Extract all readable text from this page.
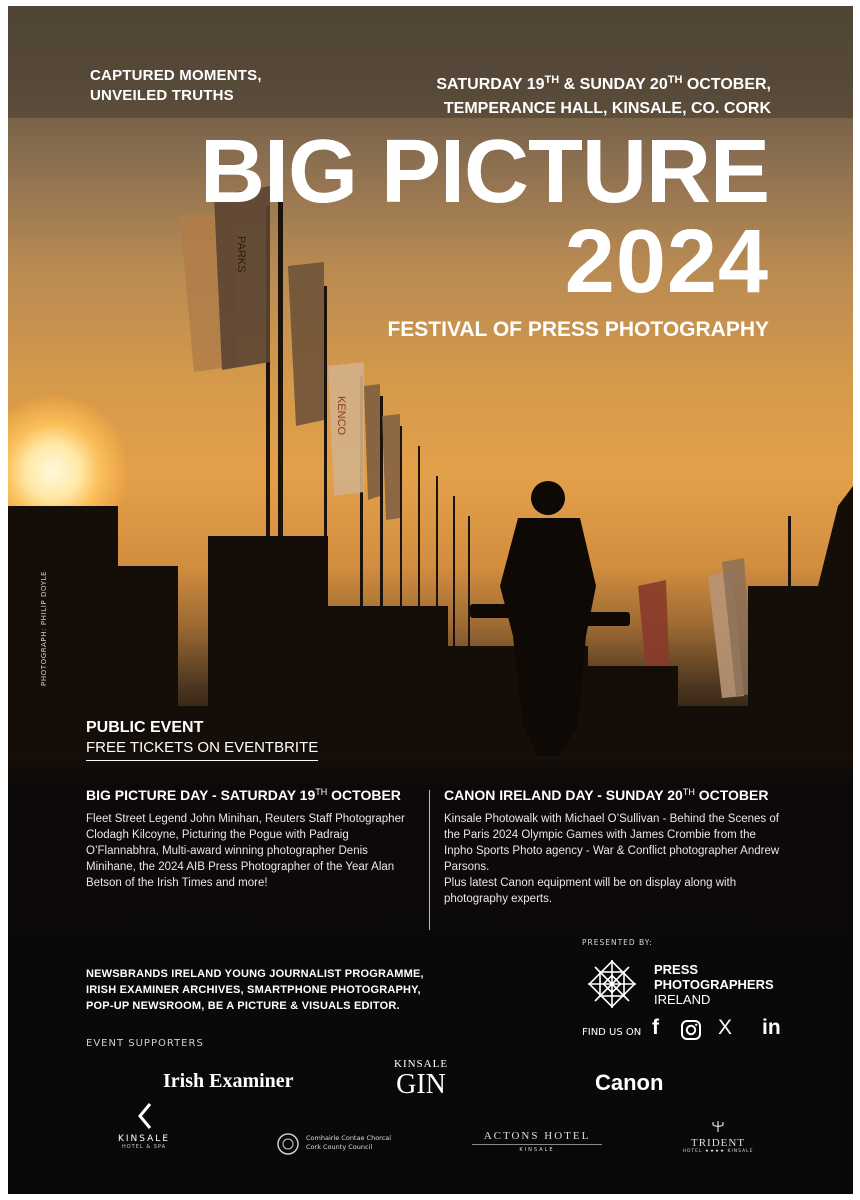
PARKS
KENCO
CAPTURED MOMENTS,
UNVEILED TRUTHS
SATURDAY 19TH & SUNDAY 20TH OCTOBER,
TEMPERANCE HALL, KINSALE, CO. CORK
BIG PICTURE
2024
FESTIVAL OF PRESS PHOTOGRAPHY
PHOTOGRAPH: PHILIP DOYLE
PUBLIC EVENT
FREE TICKETS ON EVENTBRITE
BIG PICTURE DAY - SATURDAY 19TH OCTOBER
Fleet Street Legend John Minihan, Reuters Staff Photographer Clodagh Kilcoyne, Picturing the Pogue with Padraig O’Flannabhra, Multi-award winning photographer Denis Minihane, the 2024 AIB Press Photographer of the Year Alan Betson of the Irish Times and more!
CANON IRELAND DAY - SUNDAY 20TH OCTOBER
Kinsale Photowalk with Michael O’Sullivan - Behind the Scenes of the Paris 2024 Olympic Games with James Crombie from the Inpho Sports Photo agency - War & Conflict photographer Andrew Parsons.
Plus latest Canon equipment will be on display along with photography experts.
NEWSBRANDS IRELAND YOUNG JOURNALIST PROGRAMME,
IRISH EXAMINER ARCHIVES, SMARTPHONE PHOTOGRAPHY,
POP-UP NEWSROOM, BE A PICTURE & VISUALS EDITOR.
PRESENTED BY:
PRESS
PHOTOGRAPHERS
IRELAND
FIND US ON f	X in
EVENT SUPPORTERS
Irish Examiner
KINSALE
GIN	Canon
KINSALE
HOTEL & SPA
Comhairle Contae Chorcaí
Cork County Council
ACTONS HOTEL
KINSALE
TRIDENT
HOTEL ★★★★ KINSALE
